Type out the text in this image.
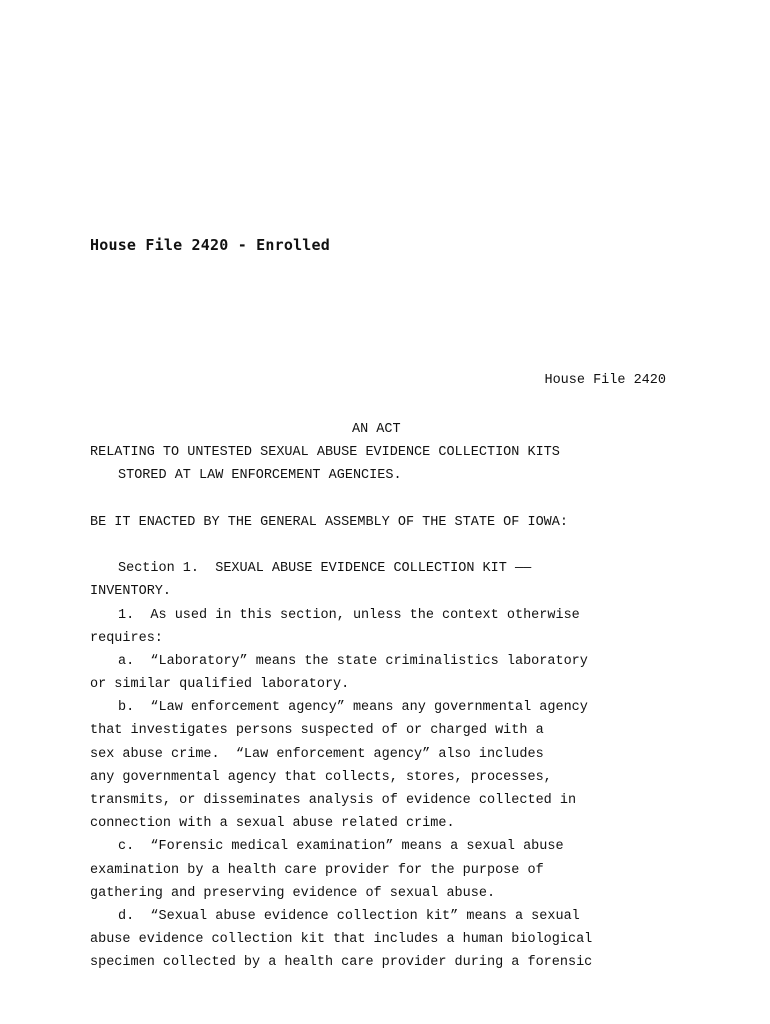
House File 2420 - Enrolled
House File 2420
AN ACT
RELATING TO UNTESTED SEXUAL ABUSE EVIDENCE COLLECTION KITS
STORED AT LAW ENFORCEMENT AGENCIES.
BE IT ENACTED BY THE GENERAL ASSEMBLY OF THE STATE OF IOWA:
Section 1.  SEXUAL ABUSE EVIDENCE COLLECTION KIT ——
INVENTORY.
1.  As used in this section, unless the context otherwise
requires:
a.  “Laboratory” means the state criminalistics laboratory
or similar qualified laboratory.
b.  “Law enforcement agency” means any governmental agency
that investigates persons suspected of or charged with a
sex abuse crime.  “Law enforcement agency” also includes
any governmental agency that collects, stores, processes,
transmits, or disseminates analysis of evidence collected in
connection with a sexual abuse related crime.
c.  “Forensic medical examination” means a sexual abuse
examination by a health care provider for the purpose of
gathering and preserving evidence of sexual abuse.
d.  “Sexual abuse evidence collection kit” means a sexual
abuse evidence collection kit that includes a human biological
specimen collected by a health care provider during a forensic
